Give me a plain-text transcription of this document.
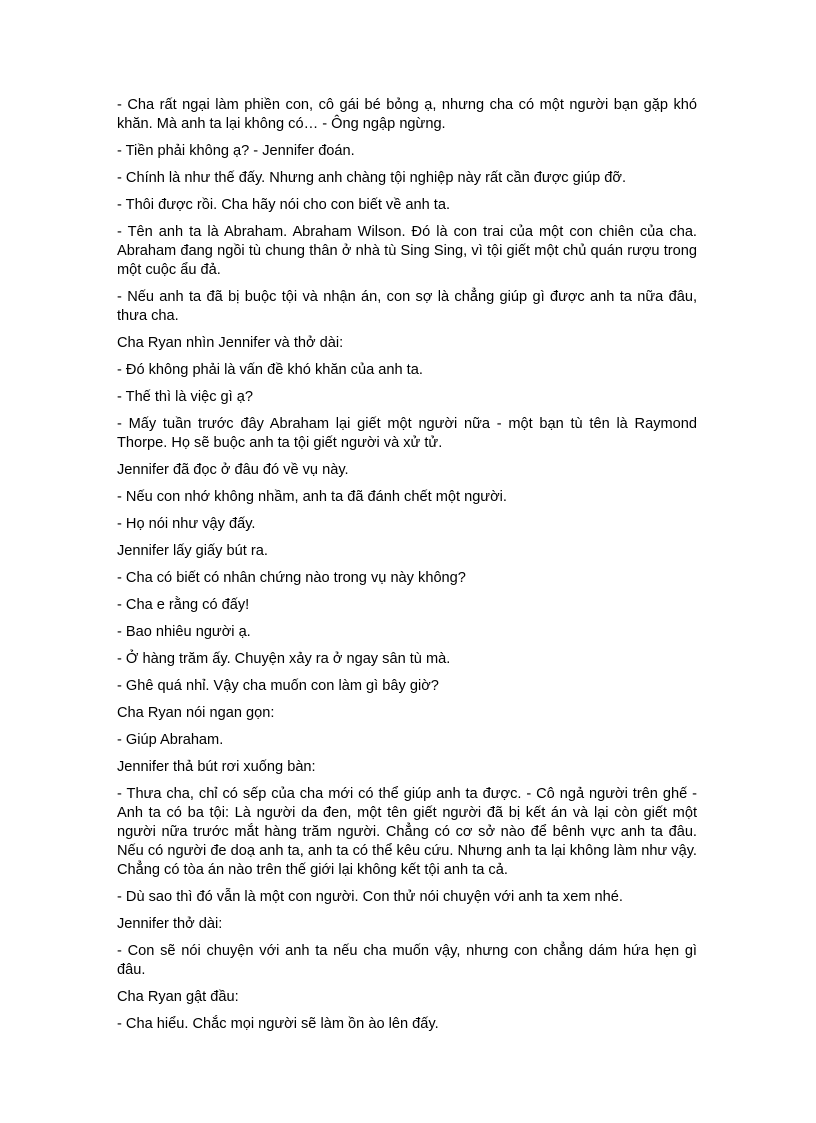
- Cha rất ngại làm phiền con, cô gái bé bỏng ạ, nhưng cha có một người bạn gặp khó khăn. Mà anh ta lại không có… - Ông ngập ngừng.

- Tiền phải không ạ? - Jennifer đoán.

- Chính là như thế đấy. Nhưng anh chàng tội nghiệp này rất cần được giúp đỡ.

- Thôi được rồi. Cha hãy nói cho con biết về anh ta.

- Tên anh ta là Abraham. Abraham Wilson. Đó là con trai của một con chiên của cha. Abraham đang ngồi tù chung thân ở nhà tù Sing Sing, vì tội giết một chủ quán rượu trong một cuộc ẩu đả.

- Nếu anh ta đã bị buộc tội và nhận án, con sợ là chẳng giúp gì được anh ta nữa đâu, thưa cha.

Cha Ryan nhìn Jennifer và thở dài:

- Đó không phải là vấn đề khó khăn của anh ta.

- Thế thì là việc gì ạ?

- Mấy tuần trước đây Abraham lại giết một người nữa - một bạn tù tên là Raymond Thorpe. Họ sẽ buộc anh ta tội giết người và xử tử.

Jennifer đã đọc ở đâu đó về vụ này.

- Nếu con nhớ không nhầm, anh ta đã đánh chết một người.

- Họ nói như vậy đấy.

Jennifer lấy giấy bút ra.

- Cha có biết có nhân chứng nào trong vụ này không?

- Cha e rằng có đấy!

- Bao nhiêu người ạ.

- Ở hàng trăm ấy. Chuyện xảy ra ở ngay sân tù mà.

- Ghê quá nhỉ. Vậy cha muốn con làm gì bây giờ?

Cha Ryan nói ngan gọn:

- Giúp Abraham.

Jennifer thả bút rơi xuống bàn:

- Thưa cha, chỉ có sếp của cha mới có thể giúp anh ta được. - Cô ngả người trên ghế - Anh ta có ba tội: Là người da đen, một tên giết người đã bị kết án và lại còn giết một người nữa trước mắt hàng trăm người. Chẳng có cơ sở nào để bênh vực anh ta đâu. Nếu có người đe doạ anh ta, anh ta có thể kêu cứu. Nhưng anh ta lại không làm như vậy. Chẳng có tòa án nào trên thế giới lại không kết tội anh ta cả.

- Dù sao thì đó vẫn là một con người. Con thử nói chuyện với anh ta xem nhé.

Jennifer thở dài:

- Con sẽ nói chuyện với anh ta nếu cha muốn vậy, nhưng con chẳng dám hứa hẹn gì đâu.

Cha Ryan gật đầu:

- Cha hiểu. Chắc mọi người sẽ làm ồn ào lên đấy.
